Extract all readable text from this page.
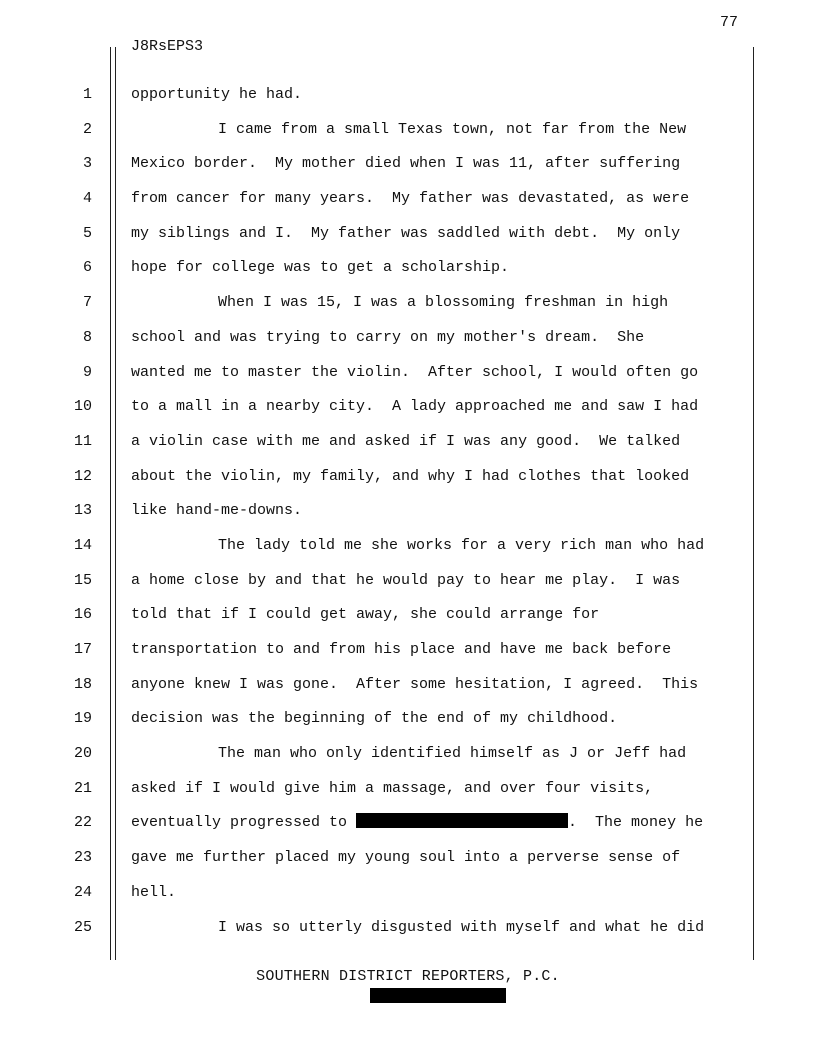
77
J8RsEPS3
1
2
3
4
5
6
7
8
9
10
11
12
13
14
15
16
17
18
19
20
21
22
23
24
25
opportunity he had.
I came from a small Texas town, not far from the New
Mexico border.  My mother died when I was 11, after suffering
from cancer for many years.  My father was devastated, as were
my siblings and I.  My father was saddled with debt.  My only
hope for college was to get a scholarship.
When I was 15, I was a blossoming freshman in high
school and was trying to carry on my mother's dream.  She
wanted me to master the violin.  After school, I would often go
to a mall in a nearby city.  A lady approached me and saw I had
a violin case with me and asked if I was any good.  We talked
about the violin, my family, and why I had clothes that looked
like hand-me-downs.
The lady told me she works for a very rich man who had
a home close by and that he would pay to hear me play.  I was
told that if I could get away, she could arrange for
transportation to and from his place and have me back before
anyone knew I was gone.  After some hesitation, I agreed.  This
decision was the beginning of the end of my childhood.
The man who only identified himself as J or Jeff had
asked if I would give him a massage, and over four visits,
eventually progressed to	.  The money he
gave me further placed my young soul into a perverse sense of
hell.
I was so utterly disgusted with myself and what he did
SOUTHERN DISTRICT REPORTERS, P.C.
